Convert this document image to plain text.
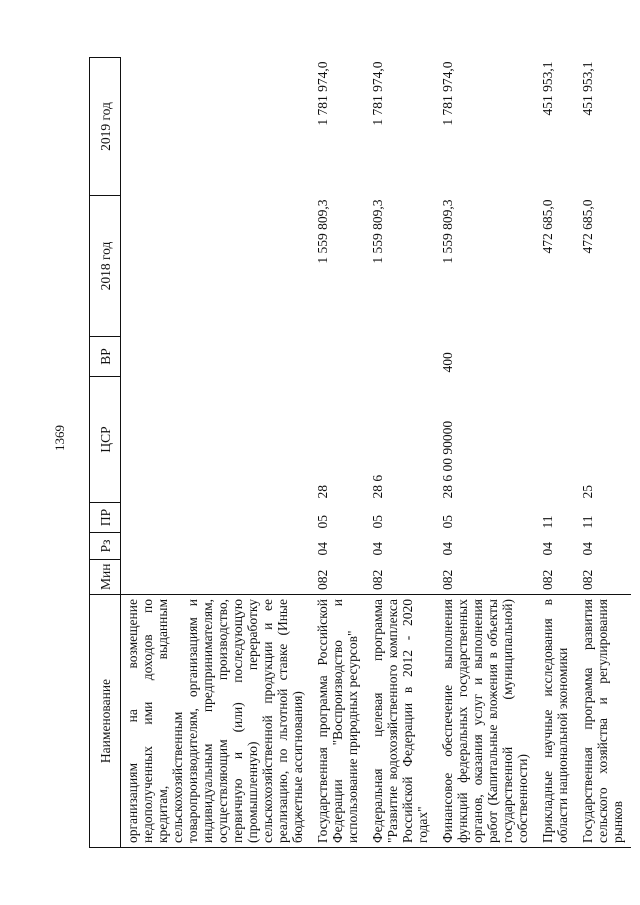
1369
Наименование	Мин	Рз	ПР	ЦСР	ВР	2018 год	2019 год
организациям на возмещение недополученных ими доходов по кредитам, выданным сельскохозяйственным товаропроизводителям, организациям и индивидуальным предпринимателям, осуществляющим производство, первичную и (или) последующую (промышленную) переработку сельскохозяйственной продукции и ее реализацию, по льготной ставке (Иные бюджетные ассигнования)							
Государственная программа Российской Федерации "Воспроизводство и использование природных ресурсов"	082	04	05	28		1 559 809,3	1 781 974,0
Федеральная целевая программа "Развитие водохозяйственного комплекса Российской Федерации в 2012 - 2020 годах"	082	04	05	28 6		1 559 809,3	1 781 974,0
Финансовое обеспечение выполнения функций федеральных государственных органов, оказания услуг и выполнения работ (Капитальные вложения в объекты государственной (муниципальной) собственности)	082	04	05	28 6 00 90000	400	1 559 809,3	1 781 974,0
Прикладные научные исследования в области национальной экономики	082	04	11			472 685,0	451 953,1
Государственная программа развития сельского хозяйства и регулирования рынков	082	04	11	25		472 685,0	451 953,1
